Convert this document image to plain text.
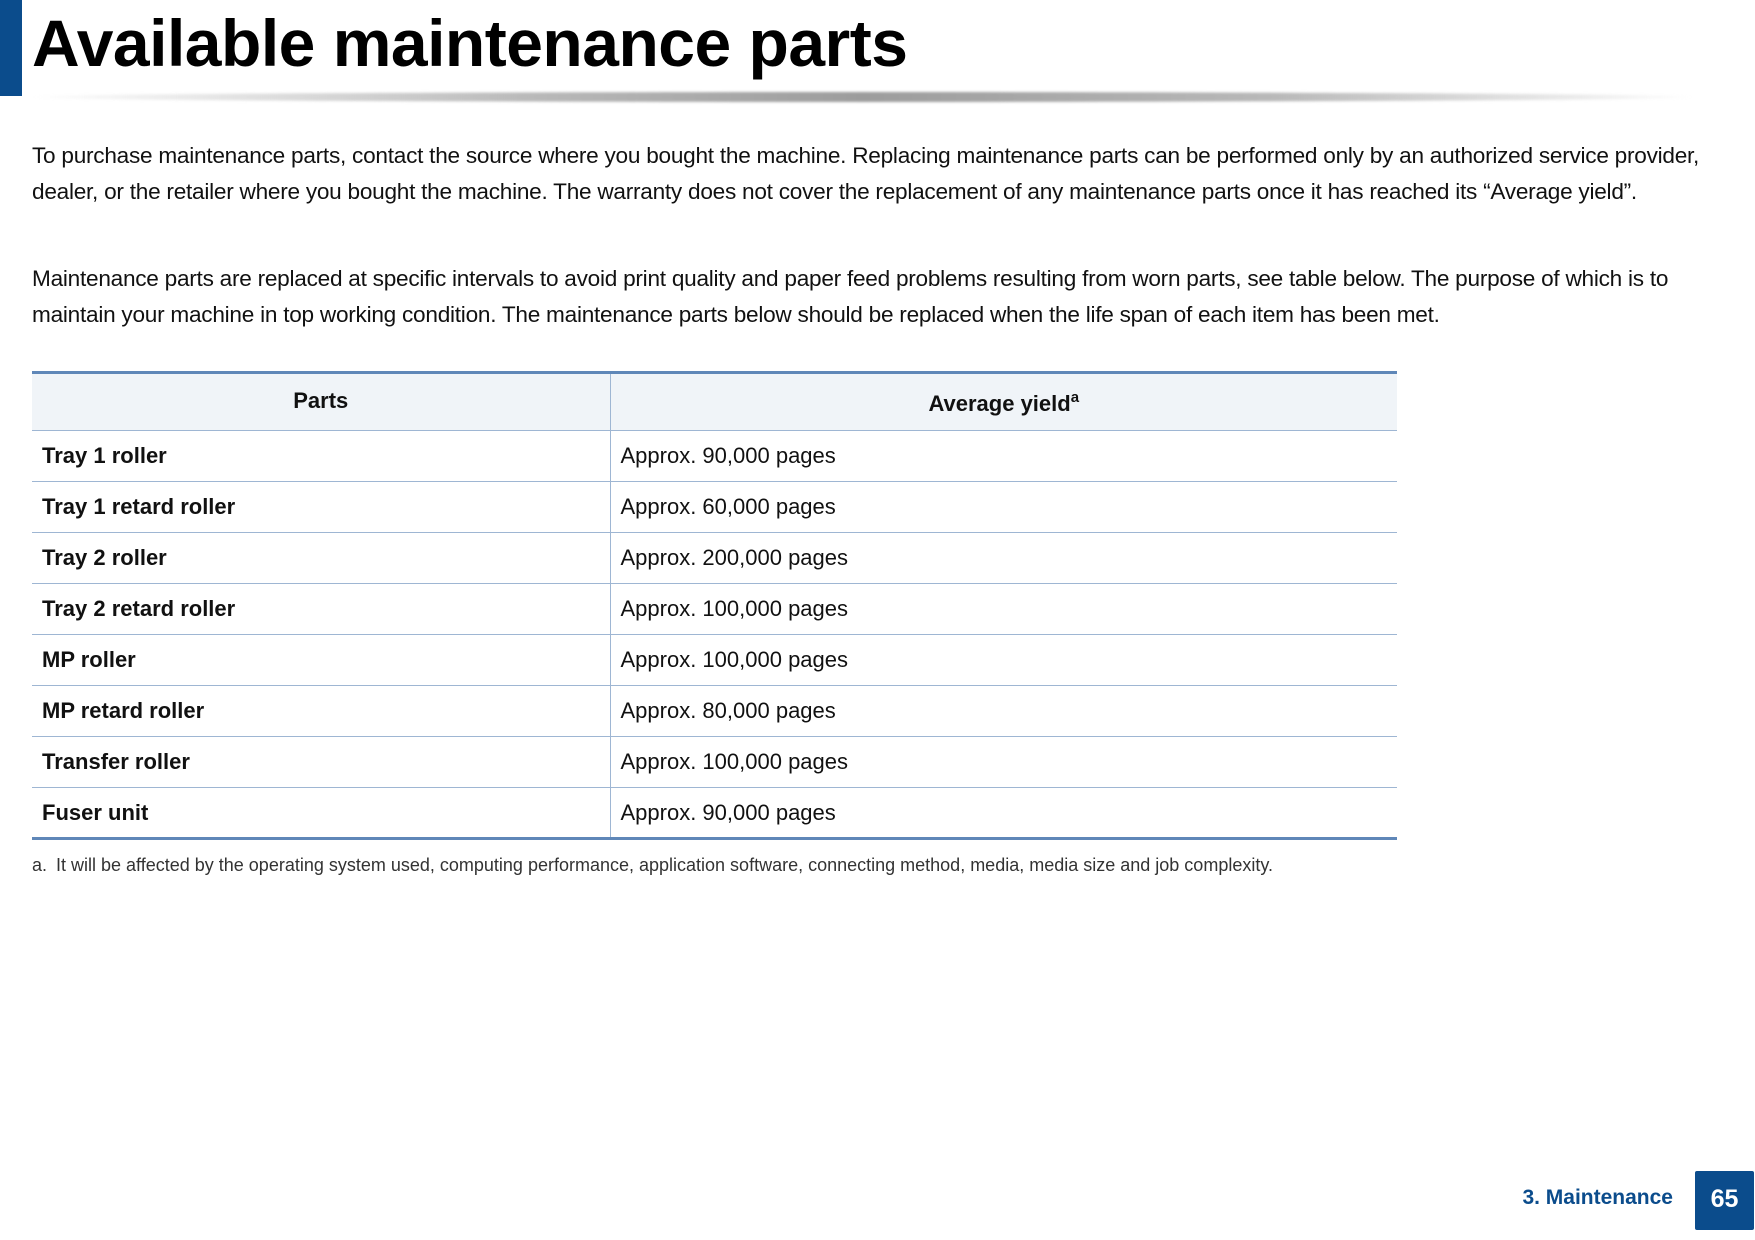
Available maintenance parts

To purchase maintenance parts, contact the source where you bought the machine. Replacing maintenance parts can be performed only by an authorized service provider, dealer, or the retailer where you bought the machine. The warranty does not cover the replacement of any maintenance parts once it has reached its “Average yield”.

Maintenance parts are replaced at specific intervals to avoid print quality and paper feed problems resulting from worn parts, see table below. The purpose of which is to maintain your machine in top working condition. The maintenance parts below should be replaced when the life span of each item has been met.

Parts	Average yield$^a$
Tray 1 roller	Approx. 90,000 pages
Tray 1 retard roller	Approx. 60,000 pages
Tray 2 roller	Approx. 200,000 pages
Tray 2 retard roller	Approx. 100,000 pages
MP roller	Approx. 100,000 pages
MP retard roller	Approx. 80,000 pages
Transfer roller	Approx. 100,000 pages
Fuser unit	Approx. 90,000 pages

a. It will be affected by the operating system used, computing performance, application software, connecting method, media, media size and job complexity.

3. Maintenance	65
